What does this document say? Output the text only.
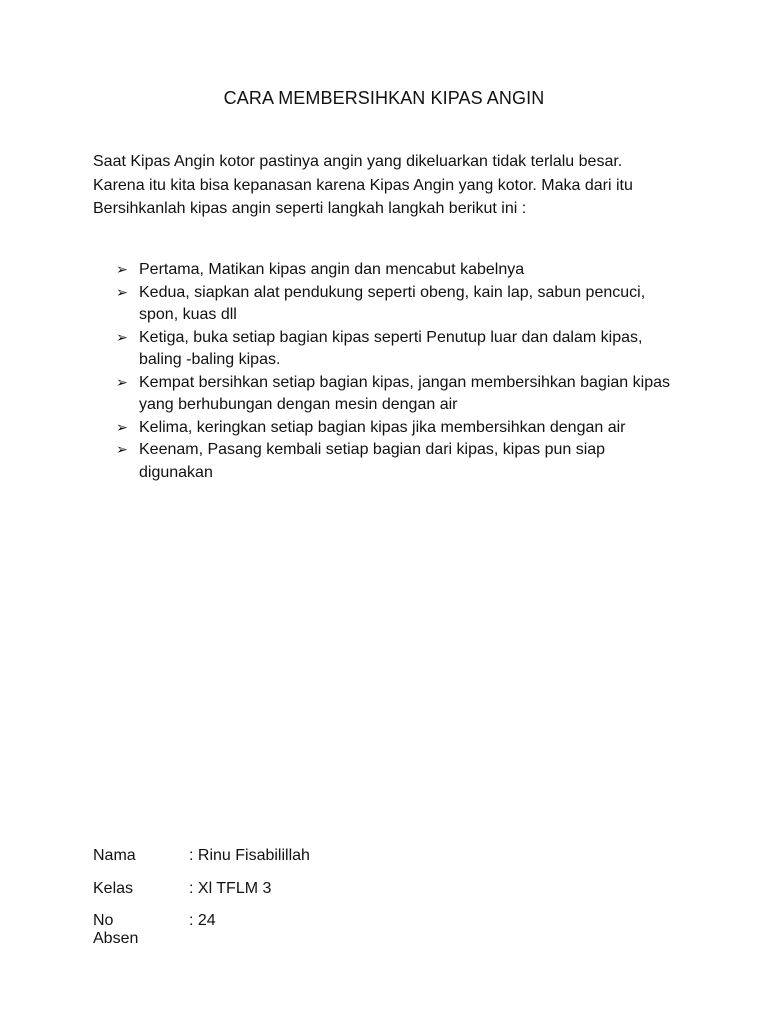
CARA MEMBERSIHKAN KIPAS ANGIN
Saat Kipas Angin kotor pastinya angin yang dikeluarkan tidak terlalu besar.
Karena itu kita bisa kepanasan karena Kipas Angin yang kotor. Maka dari itu
Bersihkanlah kipas angin seperti langkah langkah berikut ini :
➢ Pertama, Matikan kipas angin dan mencabut kabelnya
➢ Kedua, siapkan alat pendukung seperti obeng, kain lap, sabun pencuci, spon, kuas dll
➢ Ketiga, buka setiap bagian kipas seperti Penutup luar dan dalam kipas, baling -baling kipas.
➢ Kempat bersihkan setiap bagian kipas, jangan membersihkan bagian kipas yang berhubungan dengan mesin dengan air
➢ Kelima, keringkan setiap bagian kipas jika membersihkan dengan air
➢ Keenam, Pasang kembali setiap bagian dari kipas, kipas pun siap digunakan
Nama	: Rinu Fisabilillah
Kelas	: Xl TFLM 3
No Absen
: 24
